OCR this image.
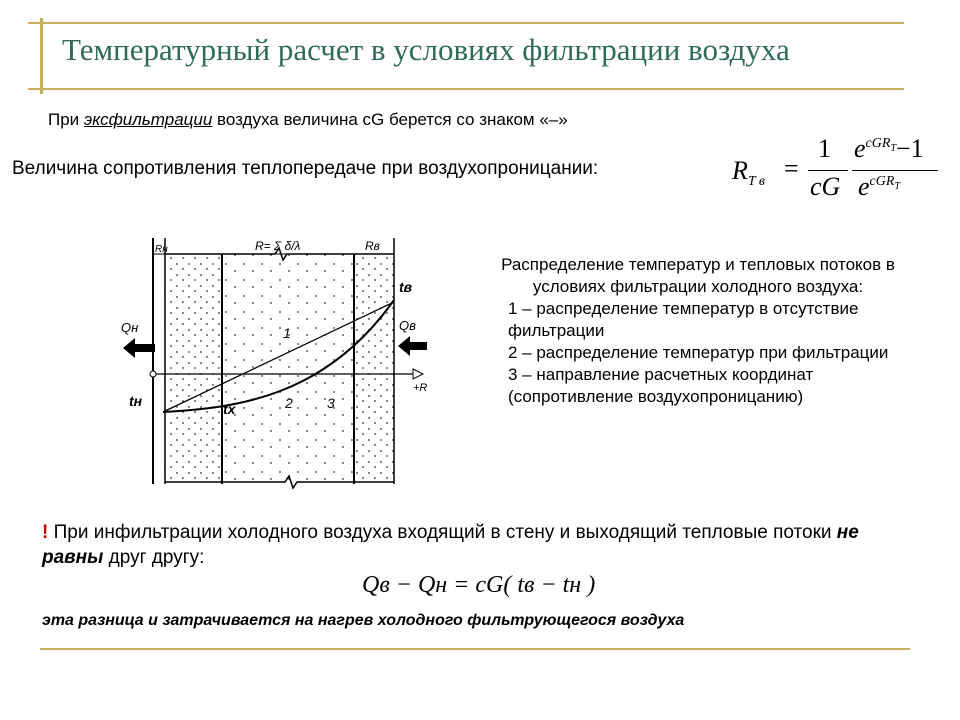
Температурный расчет в условиях фильтрации воздуха
При эксфильтрации воздуха величина cG берется со знаком «–»
Величина сопротивления теплопередаче при воздухопроницании:	$R_{T в}$ =
1
cG
$e^{cGR_T}-1$
$e^{cGR_T}$
Rн	R= Σ δ/λ	Rв
tв
tн	tx
Qн	Qв
+R
1
2 3
Распределение температур и тепловых потоков в условиях фильтрации холодного воздуха:
1 – распределение температур в отсутствие фильтрации
2 – распределение температур при фильтрации
3 – направление расчетных координат (сопротивление воздухопроницанию)
! При инфильтрации холодного воздуха входящий в стену и выходящий тепловые потоки не равны друг другу:
Qв − Qн = cG( tв − tн )
эта разница и затрачивается на нагрев холодного фильтрующегося воздуха
